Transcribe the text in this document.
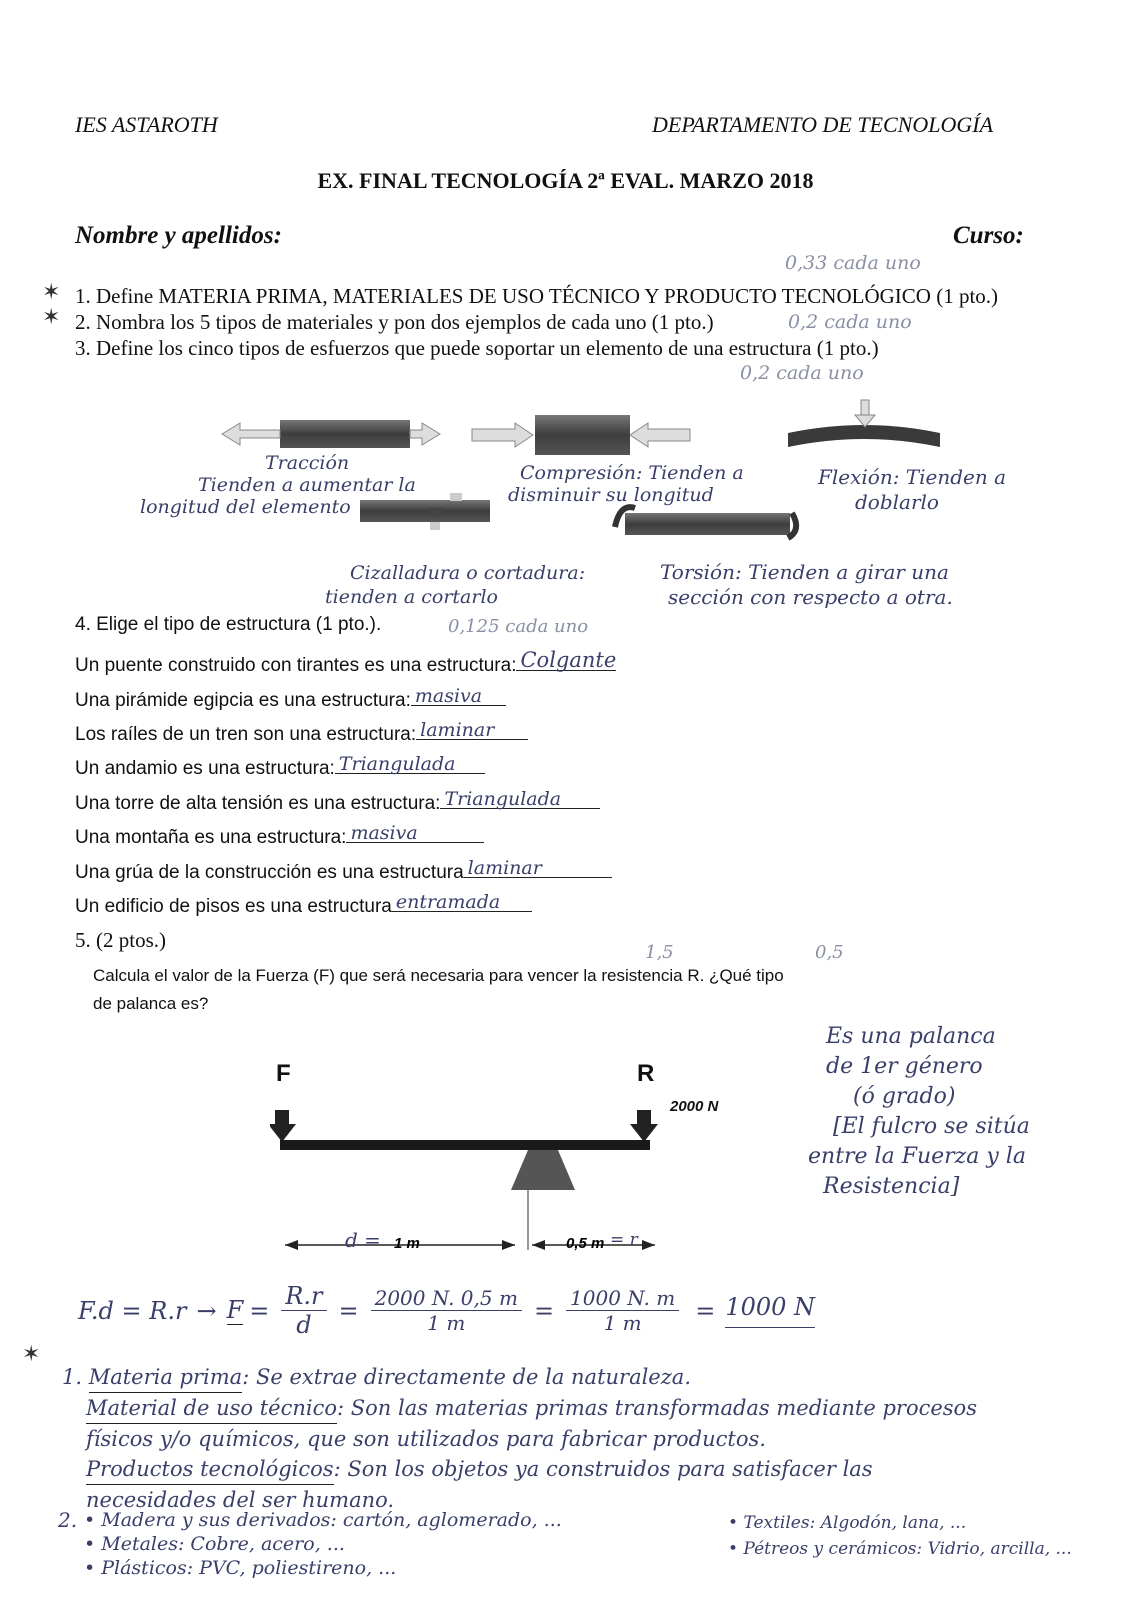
IES ASTAROTH	DEPARTAMENTO DE TECNOLOGÍA
EX. FINAL TECNOLOGÍA 2ª EVAL. MARZO 2018
Nombre y apellidos:	Curso:
0,33 cada uno
✶ 1. Define MATERIA PRIMA, MATERIALES DE USO TÉCNICO Y PRODUCTO TECNOLÓGICO (1 pto.)
✶ 2. Nombra los 5 tipos de materiales y pon dos ejemplos de cada uno (1 pto.)	0,2 cada uno
3. Define los cinco tipos de esfuerzos que puede soportar un elemento de una estructura (1 pto.)
0,2 cada uno
Tracción
Tienden a aumentar la
longitud del elemento
Compresión: Tienden a
disminuir su longitud
Flexión: Tienden a
doblarlo
Cizalladura o cortadura:
tienden a cortarlo
Torsión: Tienden a girar una
sección con respecto a otra.
4. Elige el tipo de estructura (1 pto.).	0,125 cada uno
Un puente construido con tirantes es una estructura: Colgante
Una pirámide egipcia es una estructura: masiva
Los raíles de un tren son una estructura: laminar
Un andamio es una estructura: Triangulada
Una torre de alta tensión es una estructura: Triangulada
Una montaña es una estructura: masiva
Una grúa de la construcción es una estructura laminar
Un edificio de pisos es una estructura entramada
5. (2 ptos.)
1,5	0,5
Calcula el valor de la Fuerza (F) que será necesaria para vencer la resistencia R. ¿Qué tipo
de palanca es?
F	R
2000 N
d = 1 m	0,5 m = r
Es una palanca
de 1er género
(ó grado)
[El fulcro se sitúa
entre la Fuerza y la
Resistencia]
$F.d = R.r \to F = \frac{R.r}{d} = \frac{2000 N. 0,5 m}{1 m} = \frac{1000 N. m}{1 m} = 1000$ N
✶
1. Materia prima: Se extrae directamente de la naturaleza.
Material de uso técnico: Son las materias primas transformadas mediante procesos
físicos y/o químicos, que son utilizados para fabricar productos.
Productos tecnológicos: Son los objetos ya construidos para satisfacer las
necesidades del ser humano.
2. • Madera y sus derivados: cartón, aglomerado, ...
• Metales: Cobre, acero, ...
• Plásticos: PVC, poliestireno, ...
• Textiles: Algodón, lana, ...
• Pétreos y cerámicos: Vidrio, arcilla, ...
